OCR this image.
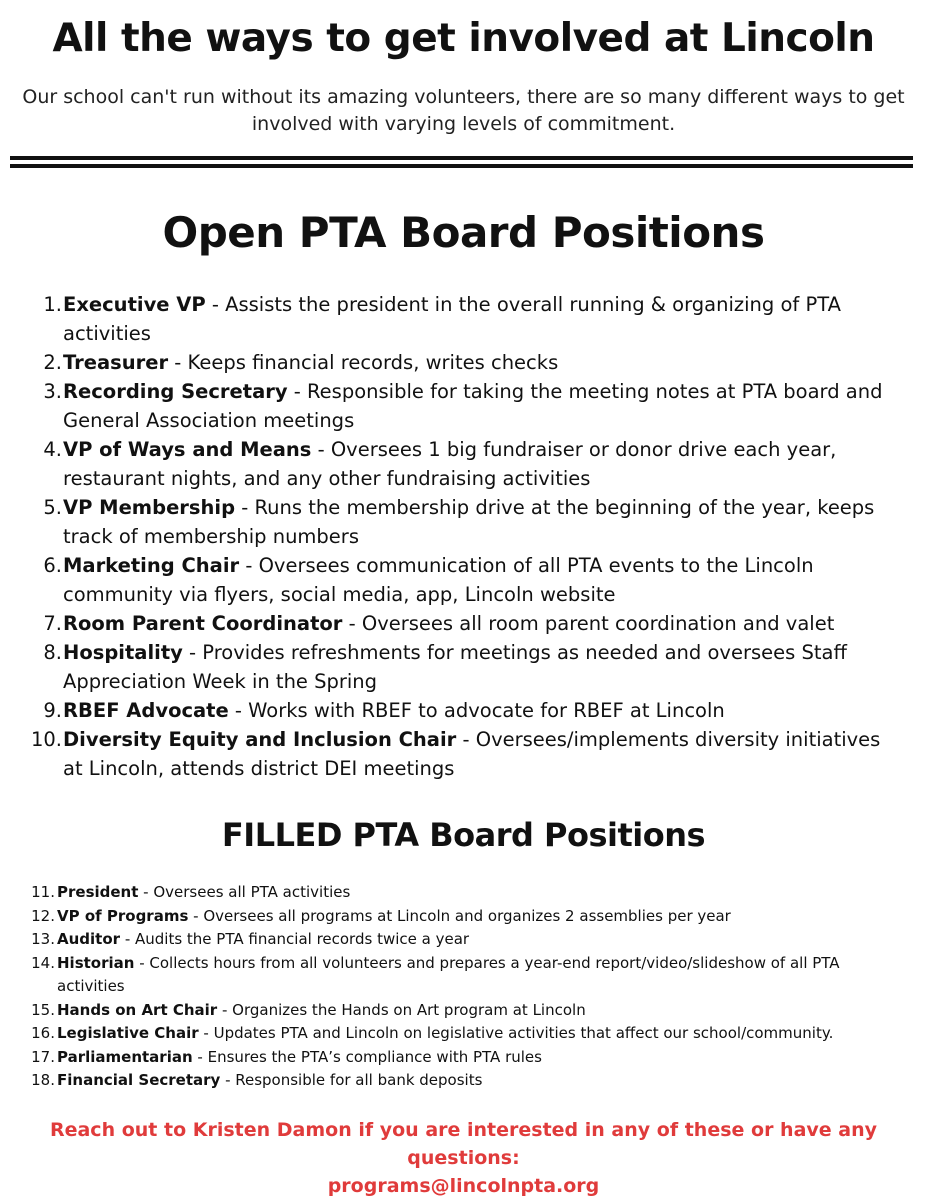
All the ways to get involved at Lincoln
Our school can't run without its amazing volunteers, there are so many different ways to get involved with varying levels of commitment.
Open PTA Board Positions
1. Executive VP - Assists the president in the overall running & organizing of PTA activities
2. Treasurer - Keeps financial records, writes checks
3. Recording Secretary - Responsible for taking the meeting notes at PTA board and General Association meetings
4. VP of Ways and Means - Oversees 1 big fundraiser or donor drive each year, restaurant nights, and any other fundraising activities
5. VP Membership - Runs the membership drive at the beginning of the year, keeps track of membership numbers
6. Marketing Chair - Oversees communication of all PTA events to the Lincoln community via flyers, social media, app, Lincoln website
7. Room Parent Coordinator - Oversees all room parent coordination and valet
8. Hospitality - Provides refreshments for meetings as needed and oversees Staff Appreciation Week in the Spring
9. RBEF Advocate - Works with RBEF to advocate for RBEF at Lincoln
10. Diversity Equity and Inclusion Chair - Oversees/implements diversity initiatives at Lincoln, attends district DEI meetings
FILLED PTA Board Positions
11. President - Oversees all PTA activities
12. VP of Programs - Oversees all programs at Lincoln and organizes 2 assemblies per year
13. Auditor - Audits the PTA financial records twice a year
14. Historian - Collects hours from all volunteers and prepares a year-end report/video/slideshow of all PTA activities
15. Hands on Art Chair - Organizes the Hands on Art program at Lincoln
16. Legislative Chair - Updates PTA and Lincoln on legislative activities that affect our school/community.
17. Parliamentarian - Ensures the PTA’s compliance with PTA rules
18. Financial Secretary - Responsible for all bank deposits
Reach out to Kristen Damon if you are interested in any of these or have any questions:
programs@lincolnpta.org
